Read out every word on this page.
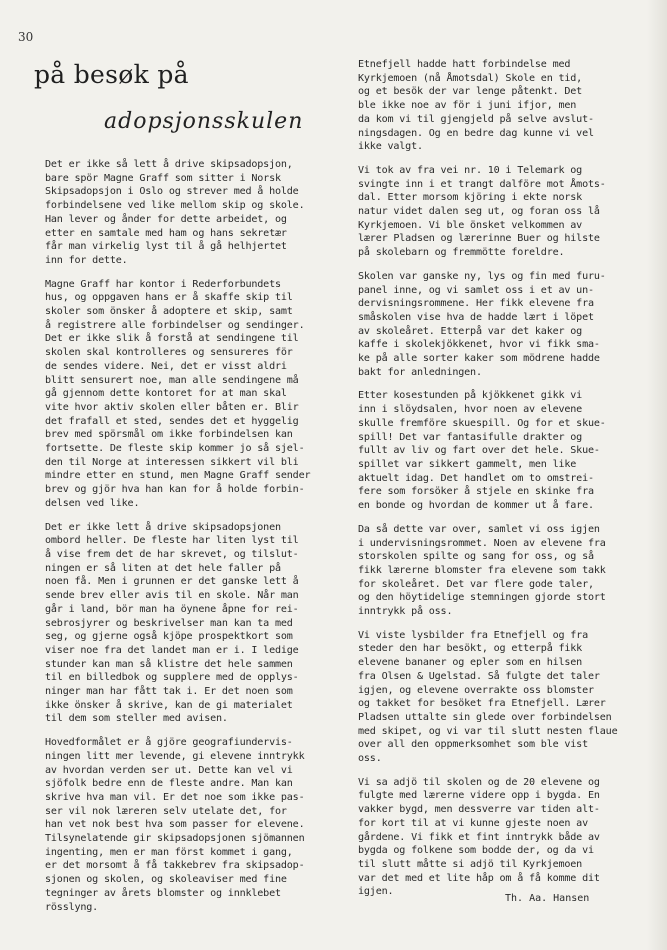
30
på besøk på
adopsjonsskulen

Det er ikke så lett å drive skipsadopsjon,
bare spör Magne Graff som sitter i Norsk
Skipsadopsjon i Oslo og strever med å holde
forbindelsene ved like mellom skip og skole.
Han lever og ånder for dette arbeidet, og
etter en samtale med ham og hans sekretær
får man virkelig lyst til å gå helhjertet
inn for dette.

Magne Graff har kontor i Rederforbundets
hus, og oppgaven hans er å skaffe skip til
skoler som önsker å adoptere et skip, samt
å registrere alle forbindelser og sendinger.
Det er ikke slik å forstå at sendingene til
skolen skal kontrolleres og sensureres för
de sendes videre. Nei, det er visst aldri
blitt sensurert noe, man alle sendingene må
gå gjennom dette kontoret for at man skal
vite hvor aktiv skolen eller båten er. Blir
det frafall et sted, sendes det et hyggelig
brev med spörsmål om ikke forbindelsen kan
fortsette. De fleste skip kommer jo så sjel-
den til Norge at interessen sikkert vil bli
mindre etter en stund, men Magne Graff sender
brev og gjör hva han kan for å holde forbin-
delsen ved like.

Det er ikke lett å drive skipsadopsjonen
ombord heller. De fleste har liten lyst til
å vise frem det de har skrevet, og tilslut-
ningen er så liten at det hele faller på
noen få. Men i grunnen er det ganske lett å
sende brev eller avis til en skole. Når man
går i land, bör man ha öynene åpne for rei-
sebrosjyrer og beskrivelser man kan ta med
seg, og gjerne også kjöpe prospektkort som
viser noe fra det landet man er i. I ledige
stunder kan man så klistre det hele sammen
til en billedbok og supplere med de opplys-
ninger man har fått tak i. Er det noen som
ikke önsker å skrive, kan de gi materialet
til dem som steller med avisen.

Hovedformålet er å gjöre geografiundervis-
ningen litt mer levende, gi elevene inntrykk
av hvordan verden ser ut. Dette kan vel vi
sjöfolk bedre enn de fleste andre. Man kan
skrive hva man vil. Er det noe som ikke pas-
ser vil nok læreren selv utelate det, for
han vet nok best hva som passer for elevene.
Tilsynelatende gir skipsadopsjonen sjömannen
ingenting, men er man först kommet i gang,
er det morsomt å få takkebrev fra skipsadop-
sjonen og skolen, og skoleaviser med fine
tegninger av årets blomster og innklebet
rösslyng.

Etnefjell hadde hatt forbindelse med
Kyrkjemoen (nå Åmotsdal) Skole en tid,
og et besök der var lenge påtenkt. Det
ble ikke noe av för i juni ifjor, men
da kom vi til gjengjeld på selve avslut-
ningsdagen. Og en bedre dag kunne vi vel
ikke valgt.

Vi tok av fra vei nr. 10 i Telemark og
svingte inn i et trangt dalföre mot Åmots-
dal. Etter morsom kjöring i ekte norsk
natur videt dalen seg ut, og foran oss lå
Kyrkjemoen. Vi ble önsket velkommen av
lærer Pladsen og lærerinne Buer og hilste
på skolebarn og fremmötte foreldre.

Skolen var ganske ny, lys og fin med furu-
panel inne, og vi samlet oss i et av un-
dervisningsrommene. Her fikk elevene fra
småskolen vise hva de hadde lært i löpet
av skoleåret. Etterpå var det kaker og
kaffe i skolekjökkenet, hvor vi fikk sma-
ke på alle sorter kaker som mödrene hadde
bakt for anledningen.

Etter kosestunden på kjökkenet gikk vi
inn i slöydsalen, hvor noen av elevene
skulle fremföre skuespill. Og for et skue-
spill! Det var fantasifulle drakter og
fullt av liv og fart over det hele. Skue-
spillet var sikkert gammelt, men like
aktuelt idag. Det handlet om to omstrei-
fere som forsöker å stjele en skinke fra
en bonde og hvordan de kommer ut å fare.

Da så dette var over, samlet vi oss igjen
i undervisningsrommet. Noen av elevene fra
storskolen spilte og sang for oss, og så
fikk lærerne blomster fra elevene som takk
for skoleåret. Det var flere gode taler,
og den höytidelige stemningen gjorde stort
inntrykk på oss.

Vi viste lysbilder fra Etnefjell og fra
steder den har besökt, og etterpå fikk
elevene bananer og epler som en hilsen
fra Olsen & Ugelstad. Så fulgte det taler
igjen, og elevene overrakte oss blomster
og takket for besöket fra Etnefjell. Lærer
Pladsen uttalte sin glede over forbindelsen
med skipet, og vi var til slutt nesten flaue
over all den oppmerksomhet som ble vist
oss.

Vi sa adjö til skolen og de 20 elevene og
fulgte med lærerne videre opp i bygda. En
vakker bygd, men dessverre var tiden alt-
for kort til at vi kunne gjeste noen av
gårdene. Vi fikk et fint inntrykk både av
bygda og folkene som bodde der, og da vi
til slutt måtte si adjö til Kyrkjemoen
var det med et lite håp om å få komme dit
igjen.

Th. Aa. Hansen
